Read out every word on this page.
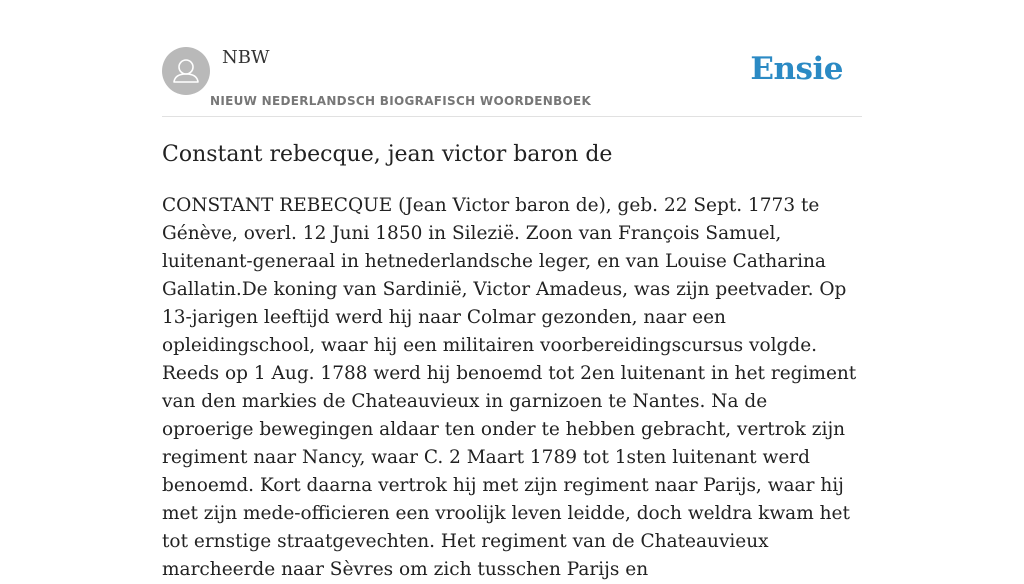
NBW
NIEUW NEDERLANDSCH BIOGRAFISCH WOORDENBOEK
Ensie
Constant rebecque, jean victor baron de

CONSTANT REBECQUE (Jean Victor baron de), geb. 22 Sept. 1773 te Génève, overl. 12 Juni 1850 in Silezië. Zoon van François Samuel, luitenant-generaal in hetnederlandsche leger, en van Louise Catharina Gallatin.De koning van Sardinië, Victor Amadeus, was zijn peetvader. Op 13-jarigen leeftijd werd hij naar Colmar gezonden, naar een opleidingschool, waar hij een militairen voorbereidingscursus volgde. Reeds op 1 Aug. 1788 werd hij benoemd tot 2en luitenant in het regiment van den markies de Chateauvieux in garnizoen te Nantes. Na de oproerige bewegingen aldaar ten onder te hebben gebracht, vertrok zijn regiment naar Nancy, waar C. 2 Maart 1789 tot 1sten luitenant werd benoemd. Kort daarna vertrok hij met zijn regiment naar Parijs, waar hij met zijn mede-officieren een vroolijk leven leidde, doch weldra kwam het tot ernstige straatgevechten. Het regiment van de Chateauvieux marcheerde naar Sèvres om zich tusschen Parijs en
